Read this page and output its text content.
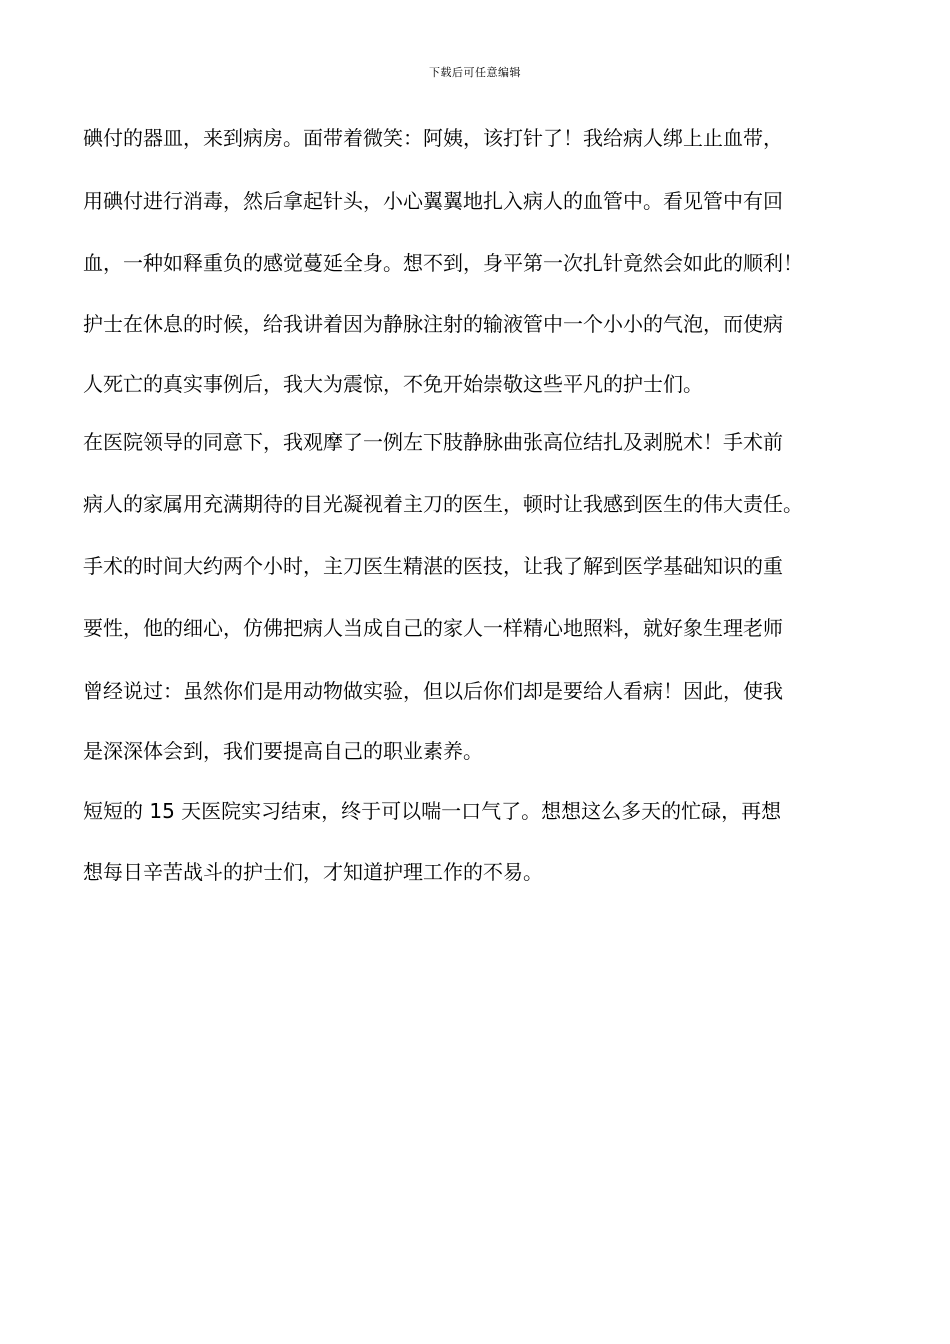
下载后可任意编辑
碘付的器皿，来到病房。面带着微笑：阿姨，该打针了！我给病人绑上止血带，
用碘付进行消毒，然后拿起针头，小心翼翼地扎入病人的血管中。看见管中有回
血，一种如释重负的感觉蔓延全身。想不到，身平第一次扎针竟然会如此的顺利！
护士在休息的时候，给我讲着因为静脉注射的输液管中一个小小的气泡，而使病
人死亡的真实事例后，我大为震惊，不免开始崇敬这些平凡的护士们。
在医院领导的同意下，我观摩了一例左下肢静脉曲张高位结扎及剥脱术！手术前
病人的家属用充满期待的目光凝视着主刀的医生，顿时让我感到医生的伟大责任。
手术的时间大约两个小时，主刀医生精湛的医技，让我了解到医学基础知识的重
要性，他的细心，仿佛把病人当成自己的家人一样精心地照料，就好象生理老师
曾经说过：虽然你们是用动物做实验，但以后你们却是要给人看病！因此，使我
是深深体会到，我们要提高自己的职业素养。
短短的 15 天医院实习结束，终于可以喘一口气了。想想这么多天的忙碌，再想
想每日辛苦战斗的护士们，才知道护理工作的不易。
